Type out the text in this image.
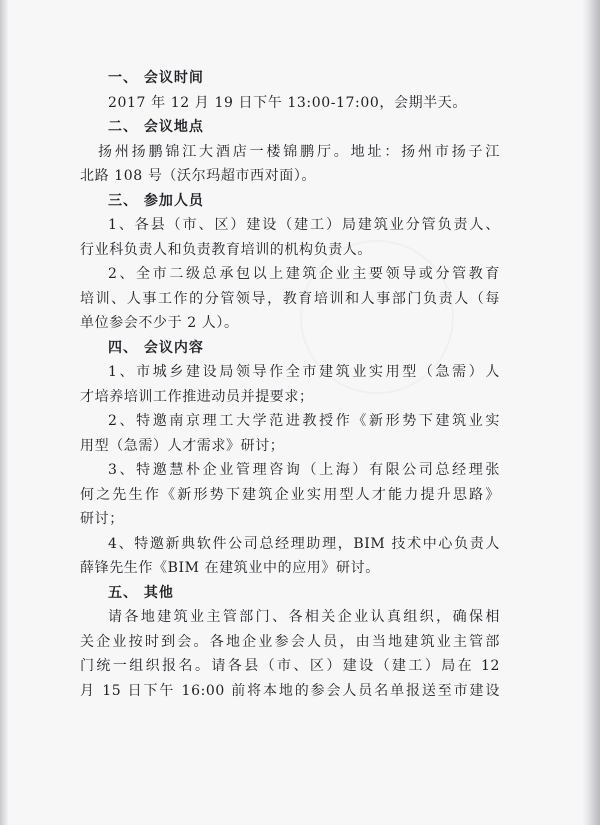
一、 会议时间
2017 年 12 月 19 日下午 13:00-17:00，会期半天。
二、 会议地点
扬州扬鹏锦江大酒店一楼锦鹏厅。地址：扬州市扬子江
北路 108 号（沃尔玛超市西对面）。
三、 参加人员
1、各县（市、区）建设（建工）局建筑业分管负责人、
行业科负责人和负责教育培训的机构负责人。
2、全市二级总承包以上建筑企业主要领导或分管教育
培训、人事工作的分管领导，教育培训和人事部门负责人（每
单位参会不少于 2 人）。
四、 会议内容
1、市城乡建设局领导作全市建筑业实用型（急需）人
才培养培训工作推进动员并提要求；
2、特邀南京理工大学范进教授作《新形势下建筑业实
用型（急需）人才需求》研讨；
3、特邀慧朴企业管理咨询（上海）有限公司总经理张
何之先生作《新形势下建筑企业实用型人才能力提升思路》
研讨；
4、特邀新典软件公司总经理助理，BIM 技术中心负责人
薛锋先生作《BIM 在建筑业中的应用》研讨。
五、 其他
请各地建筑业主管部门、各相关企业认真组织，确保相
关企业按时到会。各地企业参会人员，由当地建筑业主管部
门统一组织报名。请各县（市、区）建设（建工）局在 12
月 15 日下午 16:00 前将本地的参会人员名单报送至市建设
